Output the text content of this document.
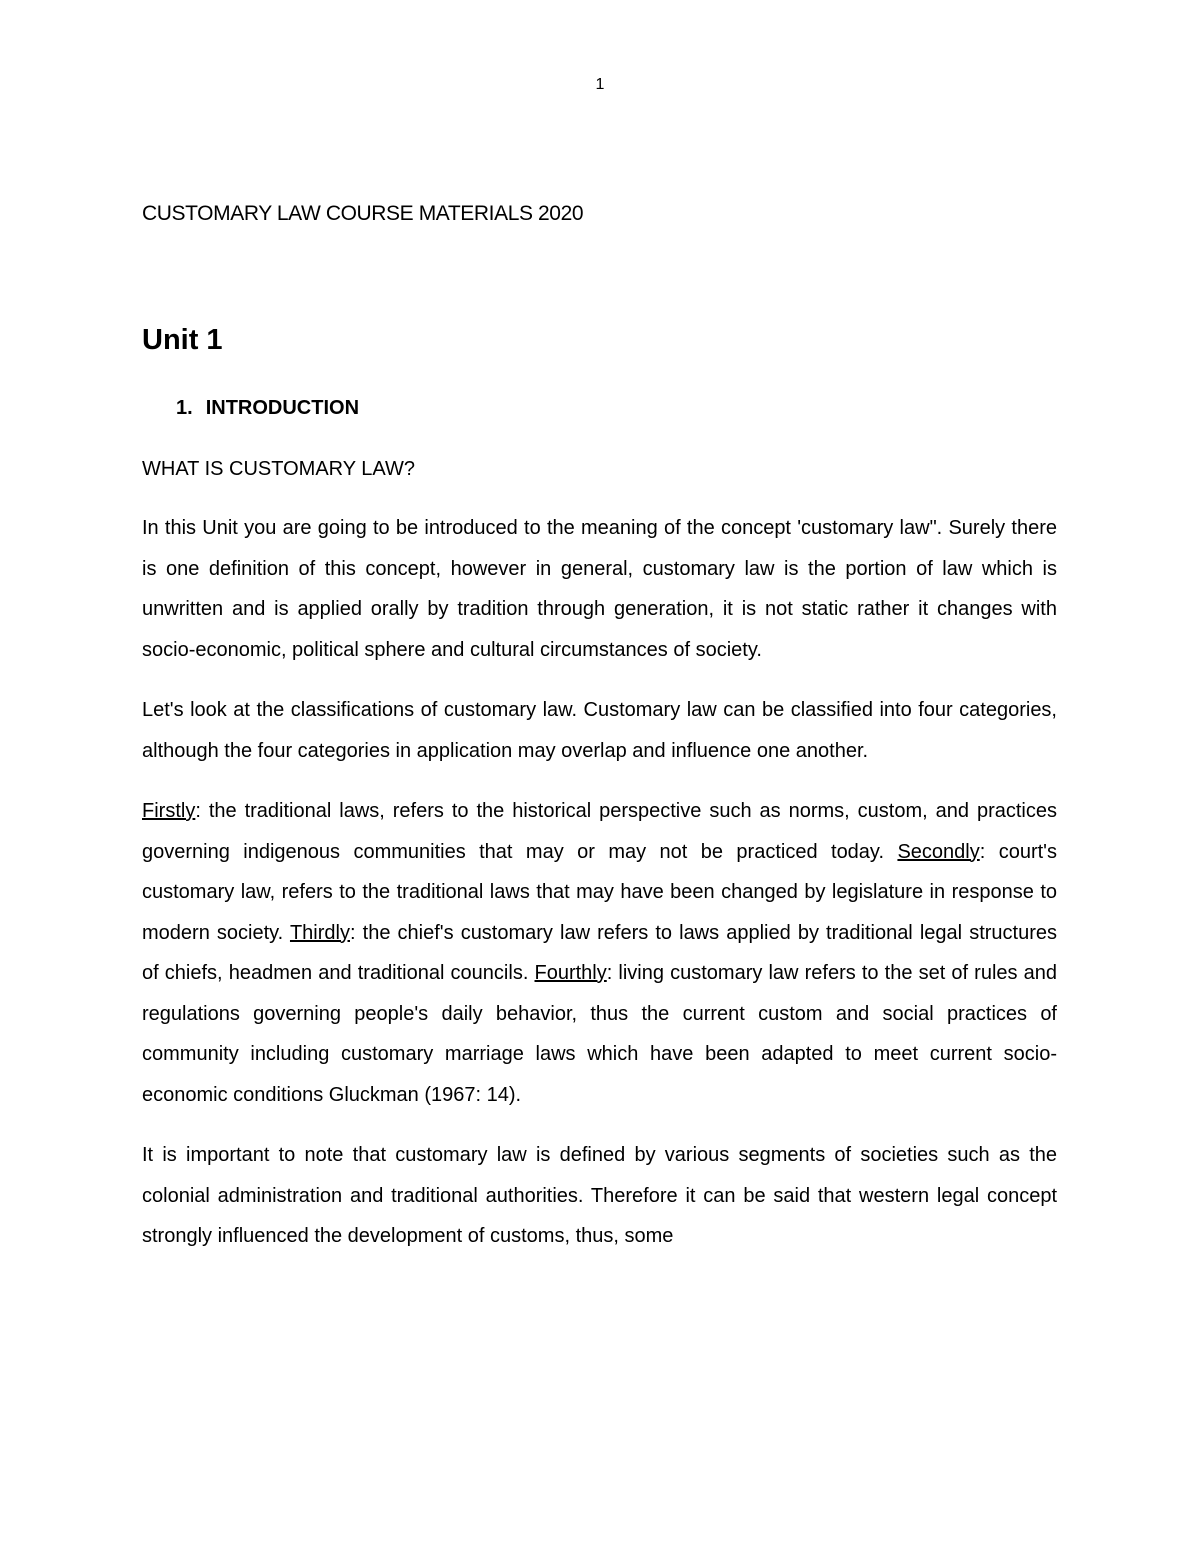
1
CUSTOMARY LAW COURSE MATERIALS 2020
Unit 1
1. INTRODUCTION
WHAT IS CUSTOMARY LAW?

In this Unit you are going to be introduced to the meaning of the concept 'customary law". Surely there is one definition of this concept, however in general, customary law is the portion of law which is unwritten and is applied orally by tradition through generation, it is not static rather it changes with socio-economic, political sphere and cultural circumstances of society.

Let's look at the classifications of customary law. Customary law can be classified into four categories, although the four categories in application may overlap and influence one another.

Firstly: the traditional laws, refers to the historical perspective such as norms, custom, and practices governing indigenous communities that may or may not be practiced today. Secondly: court's customary law, refers to the traditional laws that may have been changed by legislature in response to modern society. Thirdly: the chief's customary law refers to laws applied by traditional legal structures of chiefs, headmen and traditional councils. Fourthly: living customary law refers to the set of rules and regulations governing people's daily behavior, thus the current custom and social practices of community including customary marriage laws which have been adapted to meet current socio-economic conditions Gluckman (1967: 14).

It is important to note that customary law is defined by various segments of societies such as the colonial administration and traditional authorities. Therefore it can be said that western legal concept strongly influenced the development of customs, thus, some
